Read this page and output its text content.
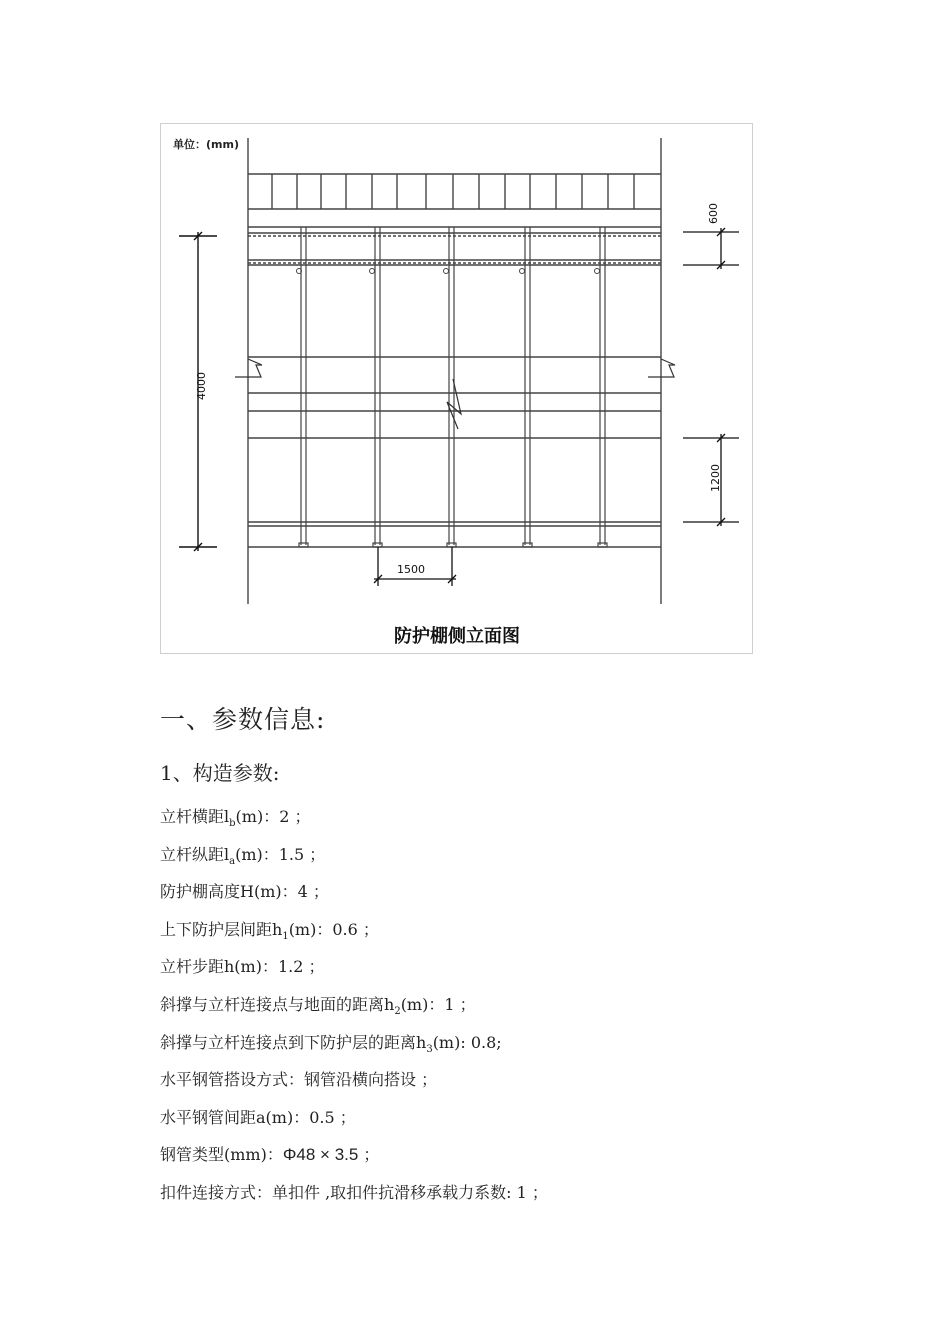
单位：(mm)
4000
600
1200
1500
防护棚侧立面图
一、参数信息:
1、构造参数:
立杆横距$l_b(m)$：2 ；
立杆纵距$l_a(m)$：1.5 ；
防护棚高度H(m)：4 ；
上下防护层间距$h_1(m)$：0.6 ；
立杆步距h(m)：1.2 ；
斜撑与立杆连接点与地面的距离$h_2(m)$：1 ；
斜撑与立杆连接点到下防护层的距离$h_3(m)$: 0.8;
水平钢管搭设方式：钢管沿横向搭设 ；
水平钢管间距a(m)：0.5 ；
钢管类型(mm)：Φ48 × 3.5 ；
扣件连接方式：单扣件 ,取扣件抗滑移承载力系数: 1 ；
